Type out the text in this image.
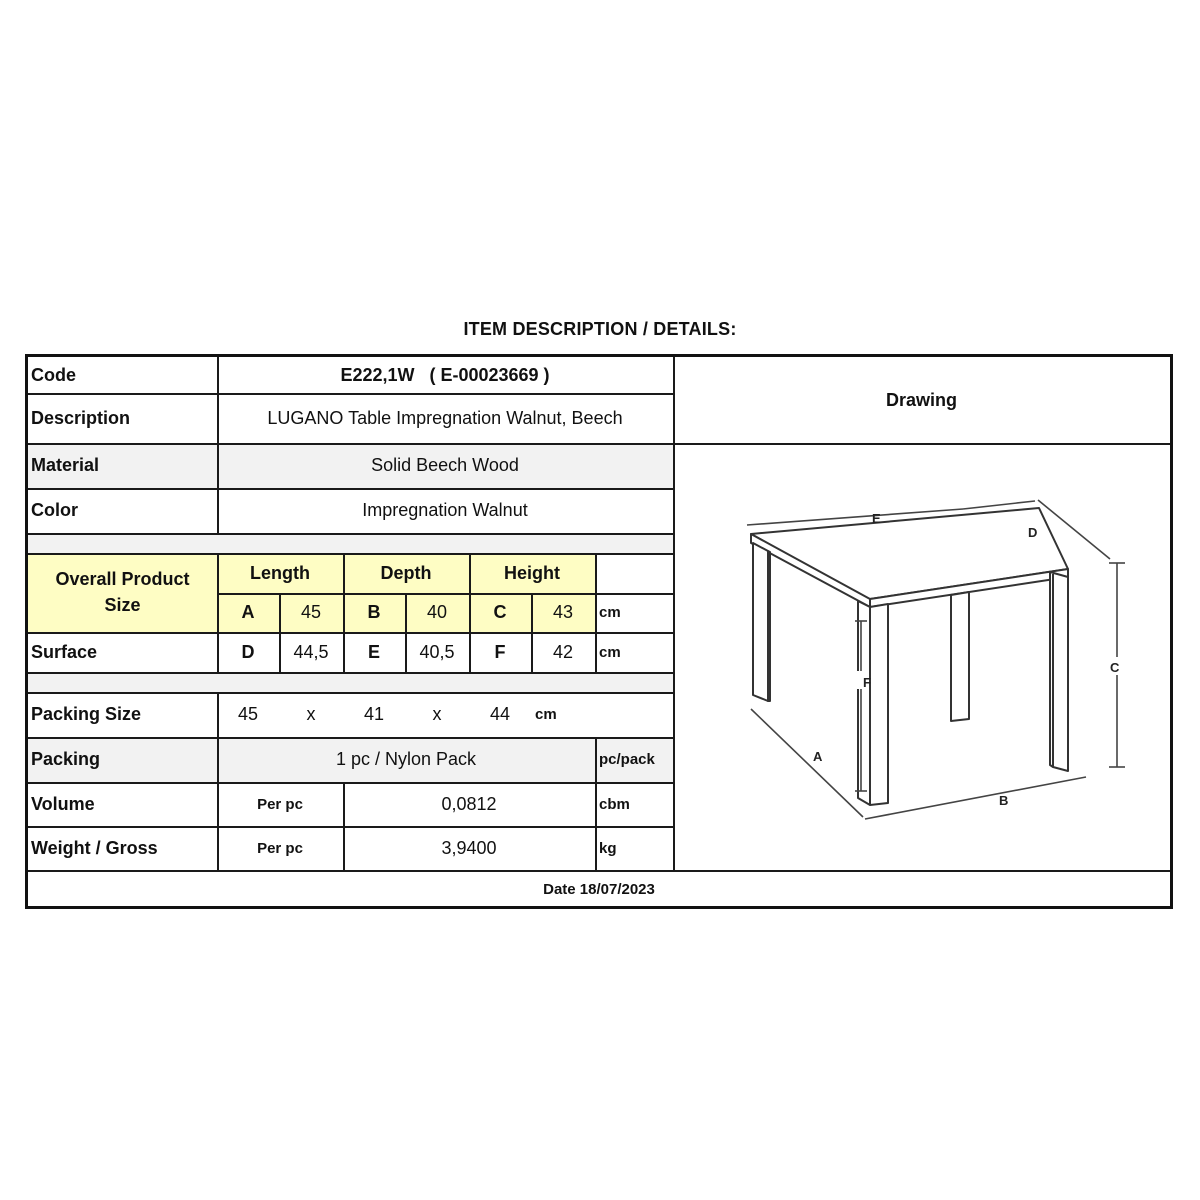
ITEM DESCRIPTION / DETAILS:
Code	E222,1W   ( E-00023669 )
Description	LUGANO Table Impregnation Walnut, Beech
Drawing
Material	Solid Beech Wood
Color	Impregnation Walnut
Overall Product
Size
Length	Depth	Height
A	45	B	40	C	43	cm
Surface	D	44,5	E	40,5	F	42	cm
Packing Size	45	x	41	x	44	cm
Packing	1 pc / Nylon Pack	pc/pack
Volume	Per pc	0,0812	cbm
Weight / Gross	Per pc	3,9400	kg
Date 18/07/2023
E
D
C
F
A
B
